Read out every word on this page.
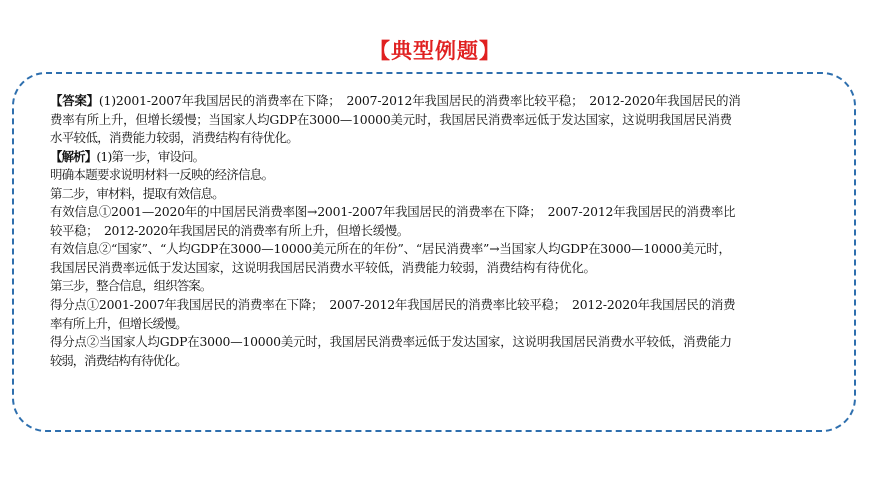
【典型例题】

【答案】(1)2001-2007年我国居民的消费率在下降；　2007-2012年我国居民的消费率比较平稳；　2012-2020年我国居民的消

费率有所上升，但增长缓慢；当国家人均GDP在3000—10000美元时，我国居民消费率远低于发达国家，这说明我国居民消费

水平较低，消费能力较弱，消费结构有待优化。

【解析】(1)第一步，审设问。

明确本题要求说明材料一反映的经济信息。

第二步，审材料，提取有效信息。

有效信息①2001—2020年的中国居民消费率图→2001-2007年我国居民的消费率在下降；　2007-2012年我国居民的消费率比

较平稳；　2012-2020年我国居民的消费率有所上升，但增长缓慢。

有效信息②“国家”、“人均GDP在3000—10000美元所在的年份”、“居民消费率”→当国家人均GDP在3000—10000美元时，

我国居民消费率远低于发达国家，这说明我国居民消费水平较低，消费能力较弱，消费结构有待优化。

第三步，整合信息，组织答案。

得分点①2001-2007年我国居民的消费率在下降；　2007-2012年我国居民的消费率比较平稳；　2012-2020年我国居民的消费

率有所上升，但增长缓慢。

得分点②当国家人均GDP在3000—10000美元时，我国居民消费率远低于发达国家，这说明我国居民消费水平较低，消费能力

较弱，消费结构有待优化。
